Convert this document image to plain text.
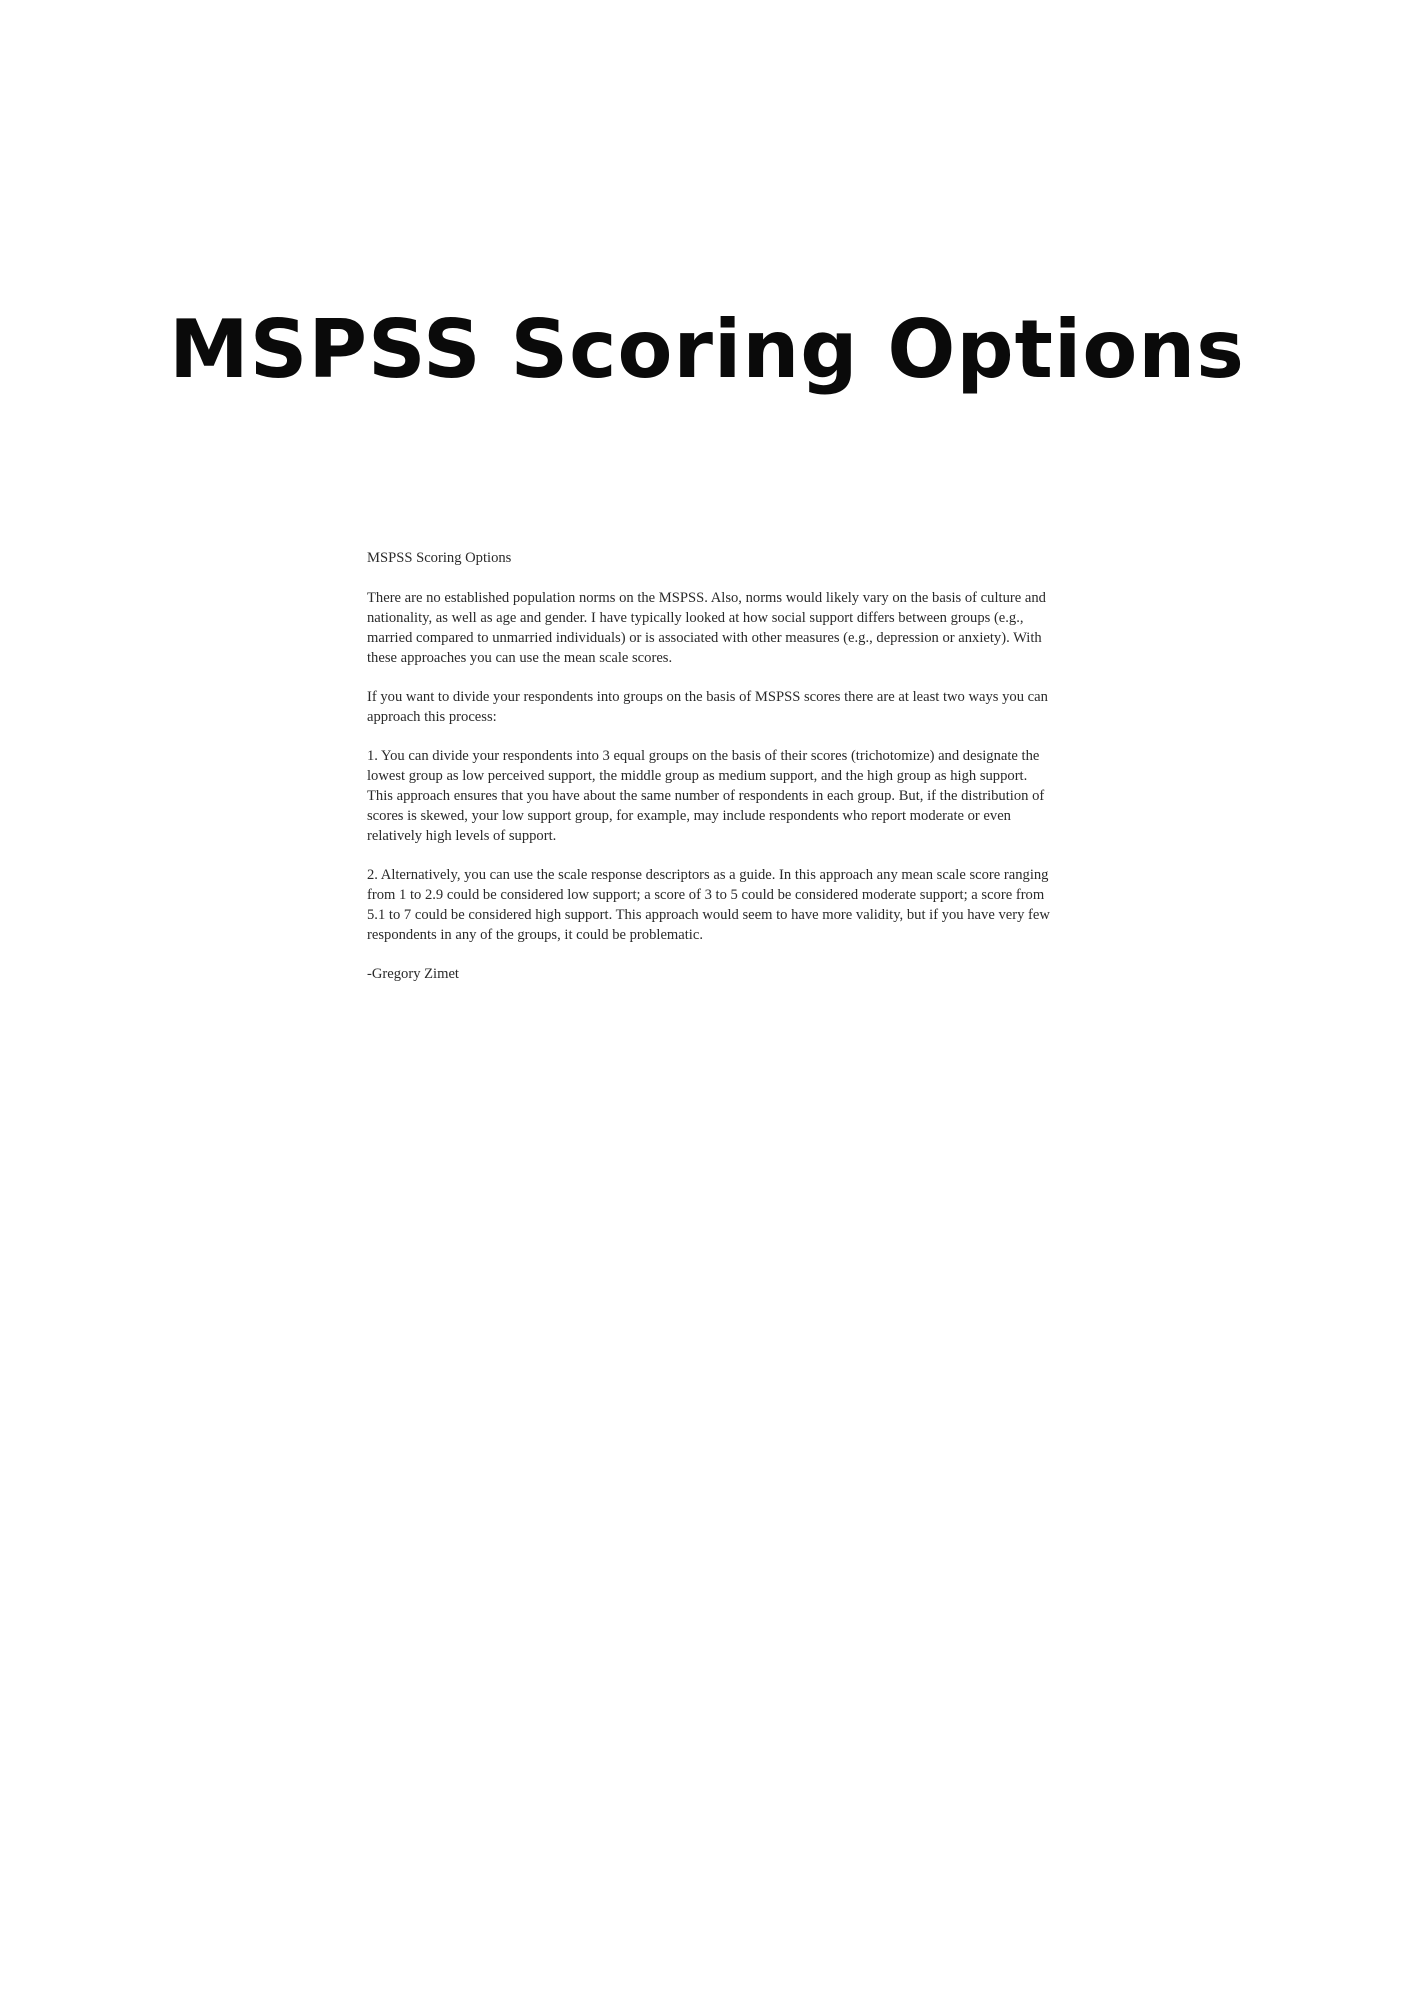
MSPSS Scoring Options

MSPSS Scoring Options

There are no established population norms on the MSPSS. Also, norms would likely vary on the basis of culture and nationality, as well as age and gender. I have typically looked at how social support differs between groups (e.g., married compared to unmarried individuals) or is associated with other measures (e.g., depression or anxiety). With these approaches you can use the mean scale scores.

If you want to divide your respondents into groups on the basis of MSPSS scores there are at least two ways you can approach this process:

1. You can divide your respondents into 3 equal groups on the basis of their scores (trichotomize) and designate the lowest group as low perceived support, the middle group as medium support, and the high group as high support. This approach ensures that you have about the same number of respondents in each group. But, if the distribution of scores is skewed, your low support group, for example, may include respondents who report moderate or even relatively high levels of support.

2. Alternatively, you can use the scale response descriptors as a guide. In this approach any mean scale score ranging from 1 to 2.9 could be considered low support; a score of 3 to 5 could be considered moderate support; a score from 5.1 to 7 could be considered high support. This approach would seem to have more validity, but if you have very few respondents in any of the groups, it could be problematic.

-Gregory Zimet
